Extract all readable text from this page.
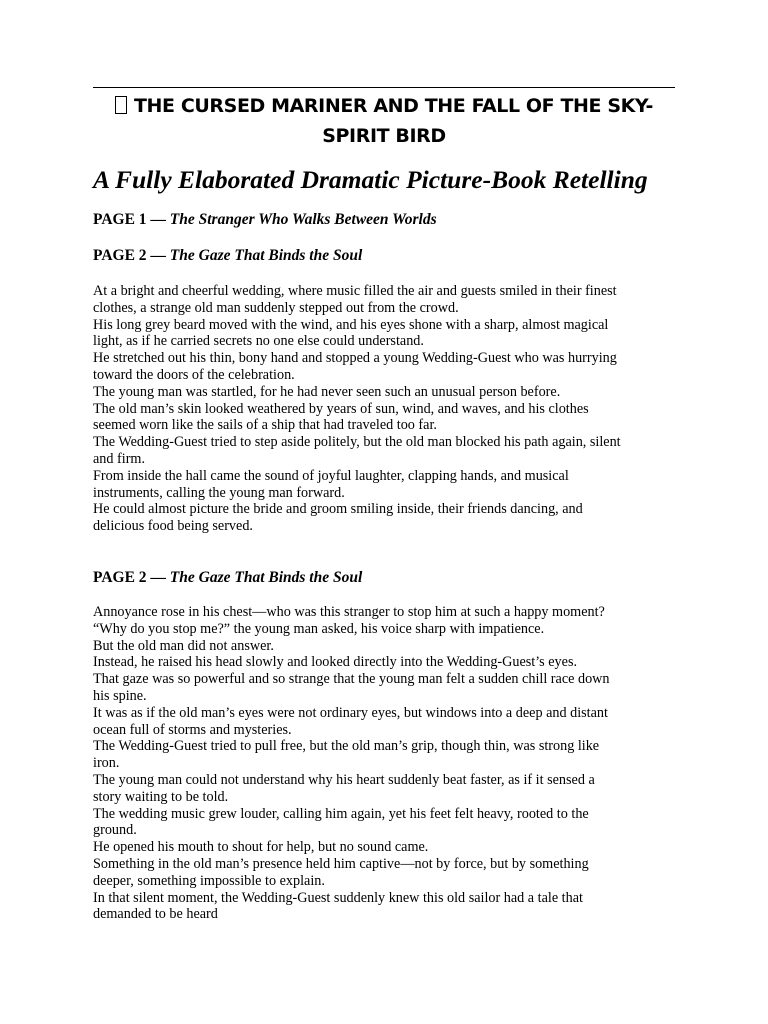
THE CURSED MARINER AND THE FALL OF THE SKY-
SPIRIT BIRD
A Fully Elaborated Dramatic Picture-Book Retelling
PAGE 1 — The Stranger Who Walks Between Worlds
PAGE 2 — The Gaze That Binds the Soul
At a bright and cheerful wedding, where music filled the air and guests smiled in their finest
clothes, a strange old man suddenly stepped out from the crowd.
His long grey beard moved with the wind, and his eyes shone with a sharp, almost magical
light, as if he carried secrets no one else could understand.
He stretched out his thin, bony hand and stopped a young Wedding-Guest who was hurrying
toward the doors of the celebration.
The young man was startled, for he had never seen such an unusual person before.
The old man’s skin looked weathered by years of sun, wind, and waves, and his clothes
seemed worn like the sails of a ship that had traveled too far.
The Wedding-Guest tried to step aside politely, but the old man blocked his path again, silent
and firm.
From inside the hall came the sound of joyful laughter, clapping hands, and musical
instruments, calling the young man forward.
He could almost picture the bride and groom smiling inside, their friends dancing, and
delicious food being served.
PAGE 2 — The Gaze That Binds the Soul
Annoyance rose in his chest—who was this stranger to stop him at such a happy moment?
“Why do you stop me?” the young man asked, his voice sharp with impatience.
But the old man did not answer.
Instead, he raised his head slowly and looked directly into the Wedding-Guest’s eyes.
That gaze was so powerful and so strange that the young man felt a sudden chill race down
his spine.
It was as if the old man’s eyes were not ordinary eyes, but windows into a deep and distant
ocean full of storms and mysteries.
The Wedding-Guest tried to pull free, but the old man’s grip, though thin, was strong like
iron.
The young man could not understand why his heart suddenly beat faster, as if it sensed a
story waiting to be told.
The wedding music grew louder, calling him again, yet his feet felt heavy, rooted to the
ground.
He opened his mouth to shout for help, but no sound came.
Something in the old man’s presence held him captive—not by force, but by something
deeper, something impossible to explain.
In that silent moment, the Wedding-Guest suddenly knew this old sailor had a tale that
demanded to be heard
